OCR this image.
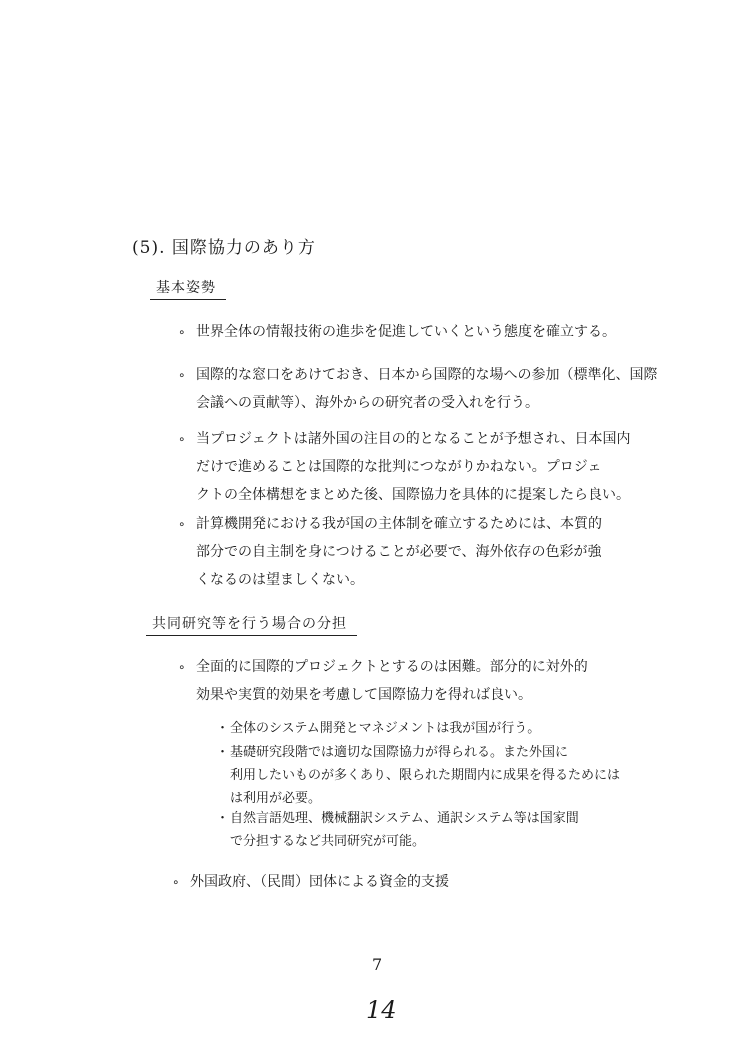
(5). 国際協力のあり方
基本姿勢
∘ 世界全体の情報技術の進歩を促進していくという態度を確立する。

∘ 国際的な窓口をあけておき、日本から国際的な場への参加（標準化、国際

会議への貢献等）、海外からの研究者の受入れを行う。

∘ 当プロジェクトは諸外国の注目の的となることが予想され、日本国内

だけで進めることは国際的な批判につながりかねない。プロジェ

クトの全体構想をまとめた後、国際協力を具体的に提案したら良い。

∘ 計算機開発における我が国の主体制を確立するためには、本質的

部分での自主制を身につけることが必要で、海外依存の色彩が強

くなるのは望ましくない。

共同研究等を行う場合の分担
∘ 全面的に国際的プロジェクトとするのは困難。部分的に対外的

効果や実質的効果を考慮して国際協力を得れば良い。

・ 全体のシステム開発とマネジメントは我が国が行う。

・ 基礎研究段階では適切な国際協力が得られる。また外国に

利用したいものが多くあり、限られた期間内に成果を得るためには

は利用が必要。

・ 自然言語処理、機械翻訳システム、通訳システム等は国家間

で分担するなど共同研究が可能。

∘ 外国政府、（民間）団体による資金的支援

7
14
